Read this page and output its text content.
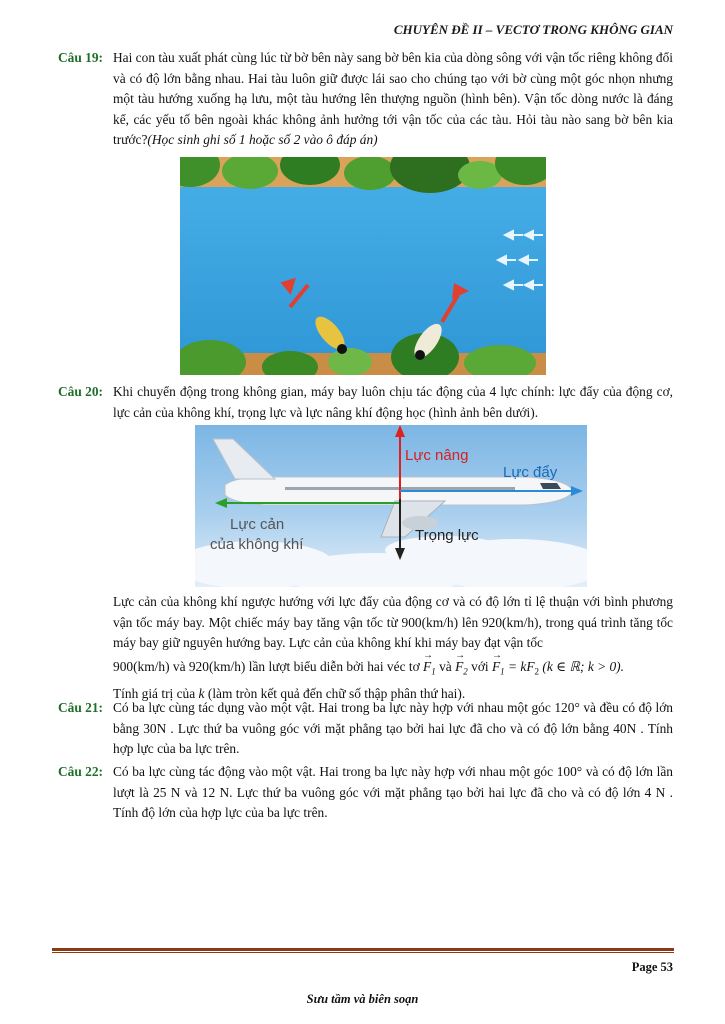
CHUYÊN ĐỀ II – VECTƠ TRONG KHÔNG GIAN
Câu 19: Hai con tàu xuất phát cùng lúc từ bờ bên này sang bờ bên kia của dòng sông với vận tốc riêng không đổi và có độ lớn bằng nhau. Hai tàu luôn giữ được lái sao cho chúng tạo với bờ cùng một góc nhọn nhưng một tàu hướng xuống hạ lưu, một tàu hướng lên thượng nguồn (hình bên). Vận tốc dòng nước là đáng kể, các yếu tố bên ngoài khác không ảnh hưởng tới vận tốc của các tàu. Hỏi tàu nào sang bờ bên kia trước?(Học sinh ghi số 1 hoặc số 2 vào ô đáp án)
Câu 20: Khi chuyển động trong không gian, máy bay luôn chịu tác động của 4 lực chính: lực đẩy của động cơ, lực cản của không khí, trọng lực và lực nâng khí động học (hình ảnh bên dưới).
Lực nâng
Lực đẩy
Lực cản
của không khí
Trọng lực

Lực cản của không khí ngược hướng với lực đẩy của động cơ và có độ lớn tỉ lệ thuận với bình phương vận tốc máy bay. Một chiếc máy bay tăng vận tốc từ 900(km/h) lên 920(km/h), trong quá trình tăng tốc máy bay giữ nguyên hướng bay. Lực cản của không khí khi máy bay đạt vận tốc

900(km/h) và 920(km/h) lần lượt biểu diễn bởi hai véc tơ → $F_1$ và → $F_2$ với → $F_1 = kF_2$ (k ∈ ℝ; k > 0).

Tính giá trị của k (làm tròn kết quả đến chữ số thập phân thứ hai).

Câu 21: Có ba lực cùng tác dụng vào một vật. Hai trong ba lực này hợp với nhau một góc 120° và đều có độ lớn bằng 30N . Lực thứ ba vuông góc với mặt phẳng tạo bởi hai lực đã cho và có độ lớn bằng 40N . Tính hợp lực của ba lực trên.
Câu 22: Có ba lực cùng tác động vào một vật. Hai trong ba lực này hợp với nhau một góc 100° và có độ lớn lần lượt là 25 N và 12 N. Lực thứ ba vuông góc với mặt phẳng tạo bởi hai lực đã cho và có độ lớn 4 N . Tính độ lớn của hợp lực của ba lực trên.
Page 53
Sưu tầm và biên soạn
